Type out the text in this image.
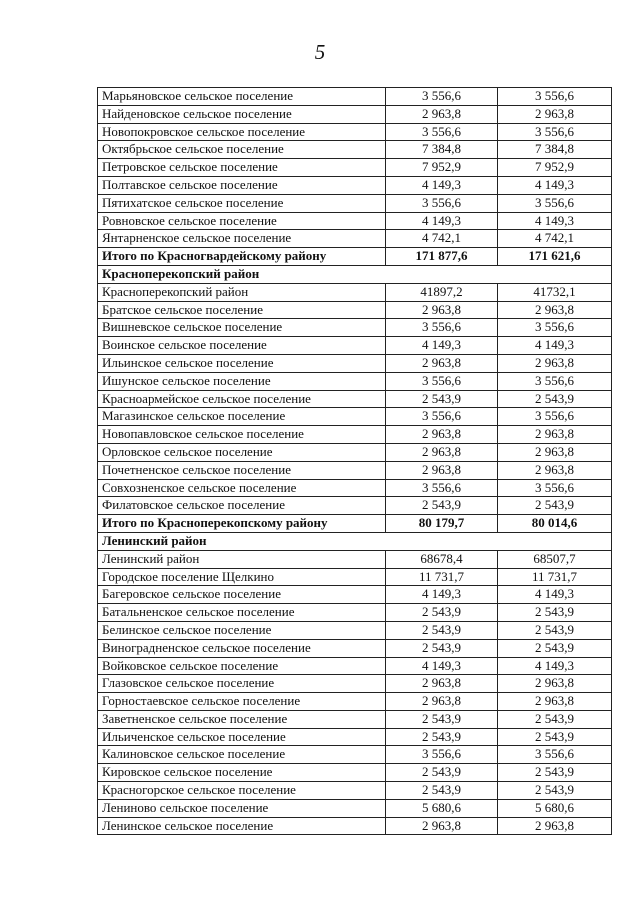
5
Марьяновское сельское поселение	3 556,6	3 556,6
Найденовское сельское поселение	2 963,8	2 963,8
Новопокровское сельское поселение	3 556,6	3 556,6
Октябрьское сельское поселение	7 384,8	7 384,8
Петровское сельское поселение	7 952,9	7 952,9
Полтавское сельское поселение	4 149,3	4 149,3
Пятихатское сельское поселение	3 556,6	3 556,6
Ровновское сельское поселение	4 149,3	4 149,3
Янтарненское сельское поселение	4 742,1	4 742,1
Итого по Красногвардейскому району	171 877,6	171 621,6
Красноперекопский район		
Красноперекопский район	41897,2	41732,1
Братское сельское поселение	2 963,8	2 963,8
Вишневское сельское поселение	3 556,6	3 556,6
Воинское сельское поселение	4 149,3	4 149,3
Ильинское сельское поселение	2 963,8	2 963,8
Ишунское сельское поселение	3 556,6	3 556,6
Красноармейское сельское поселение	2 543,9	2 543,9
Магазинское сельское поселение	3 556,6	3 556,6
Новопавловское сельское поселение	2 963,8	2 963,8
Орловское сельское поселение	2 963,8	2 963,8
Почетненское сельское поселение	2 963,8	2 963,8
Совхозненское сельское поселение	3 556,6	3 556,6
Филатовское сельское поселение	2 543,9	2 543,9
Итого по Красноперекопскому району	80 179,7	80 014,6
Ленинский район		
Ленинский район	68678,4	68507,7
Городское поселение Щелкино	11 731,7	11 731,7
Багеровское сельское поселение	4 149,3	4 149,3
Батальненское сельское поселение	2 543,9	2 543,9
Белинское сельское поселение	2 543,9	2 543,9
Виноградненское сельское поселение	2 543,9	2 543,9
Войковское сельское поселение	4 149,3	4 149,3
Глазовское сельское поселение	2 963,8	2 963,8
Горностаевское сельское поселение	2 963,8	2 963,8
Заветненское сельское поселение	2 543,9	2 543,9
Ильиченское сельское поселение	2 543,9	2 543,9
Калиновское сельское поселение	3 556,6	3 556,6
Кировское сельское поселение	2 543,9	2 543,9
Красногорское сельское поселение	2 543,9	2 543,9
Лениново сельское поселение	5 680,6	5 680,6
Ленинское сельское поселение	2 963,8	2 963,8
